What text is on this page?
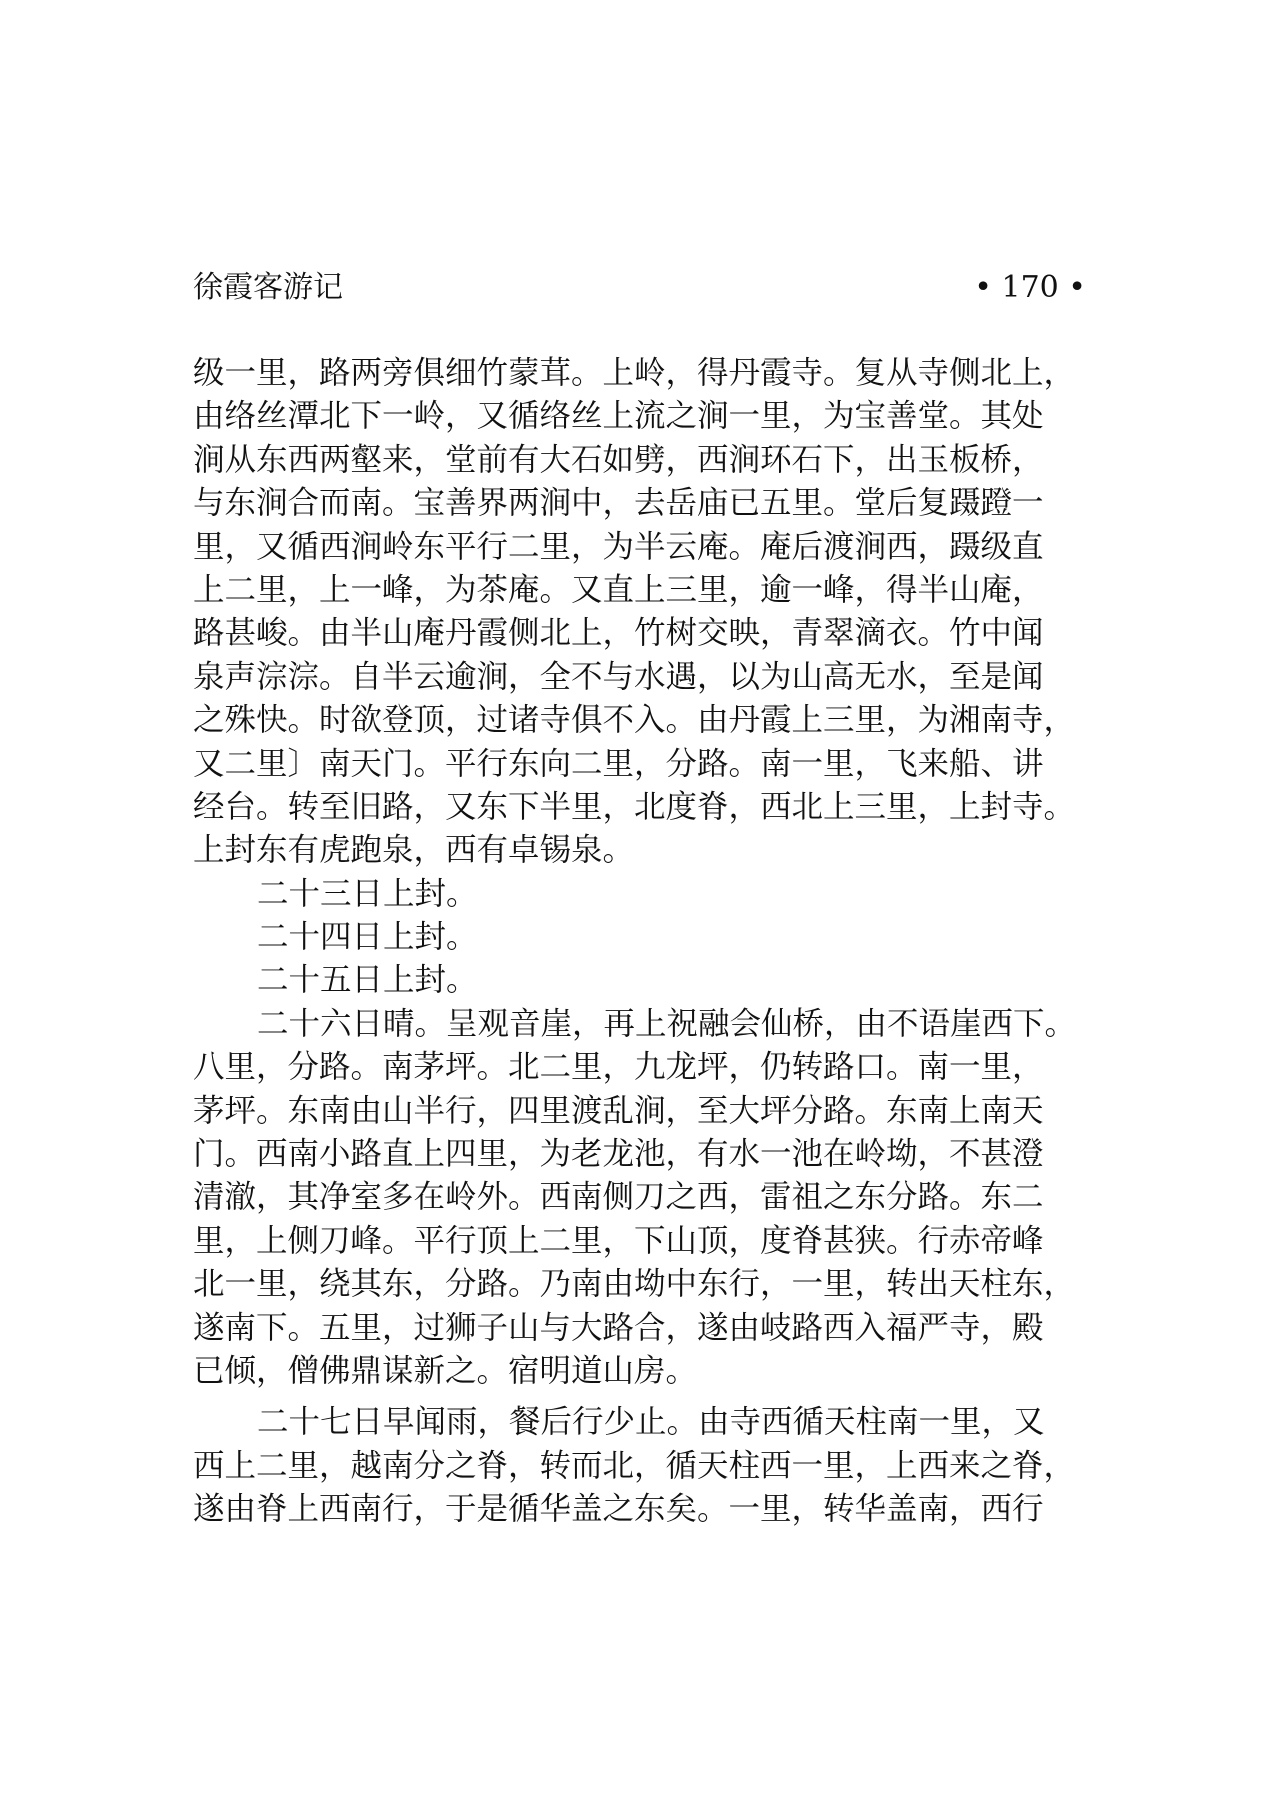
徐霞客游记	• 170 •
级一里，路两旁俱细竹蒙茸。上岭，得丹霞寺。复从寺侧北上，
由络丝潭北下一岭，又循络丝上流之涧一里，为宝善堂。其处
涧从东西两壑来，堂前有大石如劈，西涧环石下，出玉板桥，
与东涧合而南。宝善界两涧中，去岳庙已五里。堂后复蹑蹬一
里，又循西涧岭东平行二里，为半云庵。庵后渡涧西，蹑级直
上二里，上一峰，为茶庵。又直上三里，逾一峰，得半山庵，
路甚峻。由半山庵丹霞侧北上，竹树交映，青翠滴衣。竹中闻
泉声淙淙。自半云逾涧，全不与水遇，以为山高无水，至是闻
之殊快。时欲登顶，过诸寺俱不入。由丹霞上三里，为湘南寺，
又二里〕南天门。平行东向二里，分路。南一里，飞来船、讲
经台。转至旧路，又东下半里，北度脊，西北上三里，上封寺。
上封东有虎跑泉，西有卓锡泉。
二十三日上封。
二十四日上封。
二十五日上封。
二十六日晴。呈观音崖，再上祝融会仙桥，由不语崖西下。
八里，分路。南茅坪。北二里，九龙坪，仍转路口。南一里，
茅坪。东南由山半行，四里渡乱涧，至大坪分路。东南上南天
门。西南小路直上四里，为老龙池，有水一池在岭坳，不甚澄
清澈，其净室多在岭外。西南侧刀之西，雷祖之东分路。东二
里，上侧刀峰。平行顶上二里，下山顶，度脊甚狭。行赤帝峰
北一里，绕其东，分路。乃南由坳中东行，一里，转出天柱东，
遂南下。五里，过狮子山与大路合，遂由岐路西入福严寺，殿
已倾，僧佛鼎谋新之。宿明道山房。
二十七日早闻雨，餐后行少止。由寺西循天柱南一里，又
西上二里，越南分之脊，转而北，循天柱西一里，上西来之脊，
遂由脊上西南行，于是循华盖之东矣。一里，转华盖南，西行
